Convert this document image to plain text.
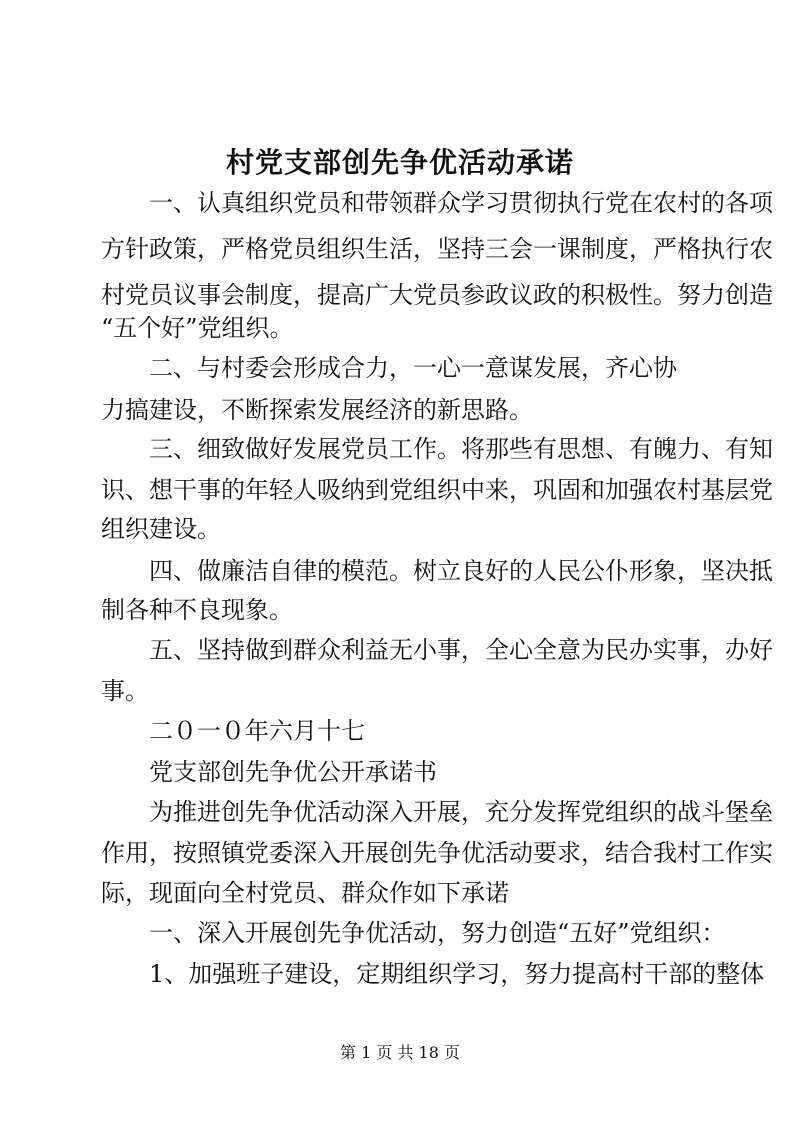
村党支部创先争优活动承诺
一、认真组织党员和带领群众学习贯彻执行党在农村的各项
方针政策，严格党员组织生活，坚持三会一课制度，严格执行农
村党员议事会制度，提高广大党员参政议政的积极性。努力创造
“五个好”党组织。
二、与村委会形成合力，一心一意谋发展，齐心协
力搞建设，不断探索发展经济的新思路。
三、细致做好发展党员工作。将那些有思想、有魄力、有知
识、想干事的年轻人吸纳到党组织中来，巩固和加强农村基层党
组织建设。
四、做廉洁自律的模范。树立良好的人民公仆形象，坚决抵
制各种不良现象。
五、坚持做到群众利益无小事，全心全意为民办实事，办好
事。
二０一０年六月十七
党支部创先争优公开承诺书
为推进创先争优活动深入开展，充分发挥党组织的战斗堡垒
作用，按照镇党委深入开展创先争优活动要求，结合我村工作实
际，现面向全村党员、群众作如下承诺
一、深入开展创先争优活动，努力创造“五好”党组织：
1、加强班子建设，定期组织学习，努力提高村干部的整体
第 1 页 共 18 页
